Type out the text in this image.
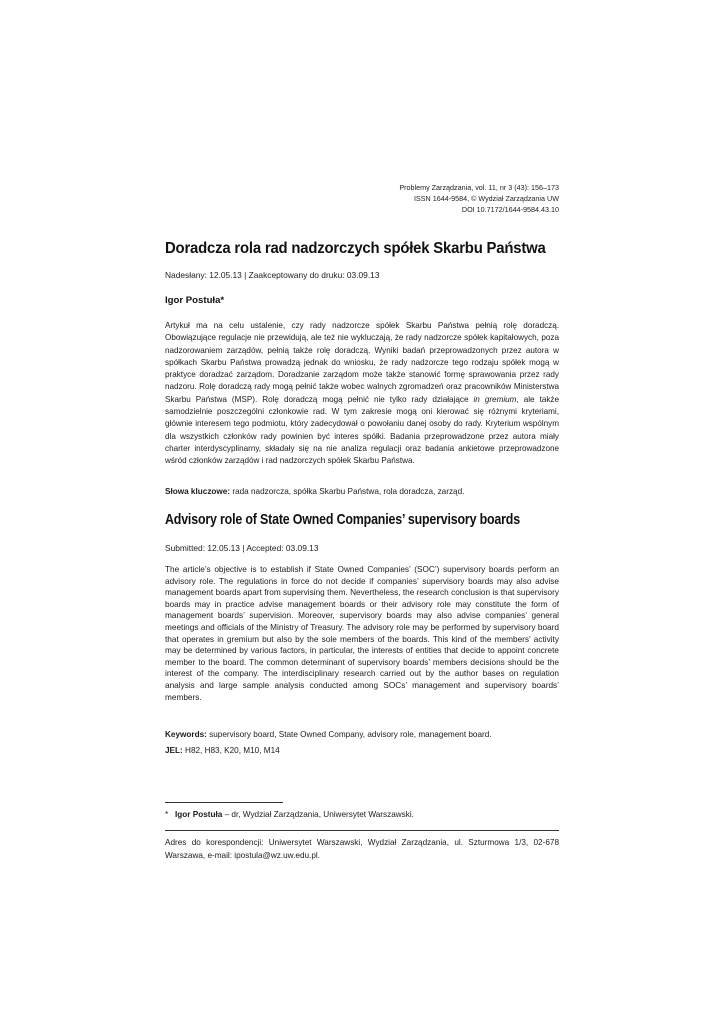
Problemy Zarządzania, vol. 11, nr 3 (43): 156–173
ISSN 1644-9584, © Wydział Zarządzania UW
DOI 10.7172/1644-9584.43.10
Doradcza rola rad nadzorczych spółek Skarbu Państwa
Nadesłany: 12.05.13 | Zaakceptowany do druku: 03.09.13
Igor Postuła*
Artykuł ma na celu ustalenie, czy rady nadzorcze spółek Skarbu Państwa pełnią rolę doradczą. Obowiązujące regulacje nie przewidują, ale też nie wykluczają, że rady nadzorcze spółek kapitałowych, poza nadzorowaniem zarządów, pełnią także rolę doradczą. Wyniki badań przeprowadzonych przez autora w spółkach Skarbu Państwa prowadzą jednak do wniosku, że rady nadzorcze tego rodzaju spółek mogą w praktyce doradzać zarządom. Doradzanie zarządom może także stanowić formę sprawowania przez rady nadzoru. Rolę doradczą rady mogą pełnić także wobec walnych zgromadzeń oraz pracowników Ministerstwa Skarbu Państwa (MSP). Rolę doradczą mogą pełnić nie tylko rady działające in gremium, ale także samodzielnie poszczególni członkowie rad. W tym zakresie mogą oni kierować się różnymi kryteriami, głównie interesem tego podmiotu, który zadecydował o powołaniu danej osoby do rady. Kryterium wspólnym dla wszystkich członków rady powinien być interes spółki. Badania przeprowadzone przez autora miały charter interdyscyplinarny, składały się na nie analiza regulacji oraz badania ankietowe przeprowadzone wśród członków zarządów i rad nadzorczych spółek Skarbu Państwa.
Słowa kluczowe: rada nadzorcza, spółka Skarbu Państwa, rola doradcza, zarząd.
Advisory role of State Owned Companies’ supervisory boards
Submitted: 12.05.13 | Accepted: 03.09.13
The article’s objective is to establish if State Owned Companies’ (SOC’) supervisory boards perform an advisory role. The regulations in force do not decide if companies’ supervisory boards may also advise management boards apart from supervising them. Nevertheless, the research conclusion is that supervisory boards may in practice advise management boards or their advisory role may constitute the form of management boards’ supervision. Moreover, supervisory boards may also advise companies’ general meetings and officials of the Ministry of Treasury. The advisory role may be performed by supervisory board that operates in gremium but also by the sole members of the boards. This kind of the members’ activity may be determined by various factors, in particular, the interests of entities that decide to appoint concrete member to the board. The common determinant of supervisory boards’ members decisions should be the interest of the company. The interdisciplinary research carried out by the author bases on regulation analysis and large sample analysis conducted among SOCs’ management and supervisory boards’ members.
Keywords: supervisory board, State Owned Company, advisory role, management board.
JEL: H82, H83, K20, M10, M14
* Igor Postuła – dr, Wydział Zarządzania, Uniwersytet Warszawski.
Adres do korespondencji: Uniwersytet Warszawski, Wydział Zarządzania, ul. Szturmowa 1/3, 02-678 Warszawa, e-mail: ipostula@wz.uw.edu.pl.
